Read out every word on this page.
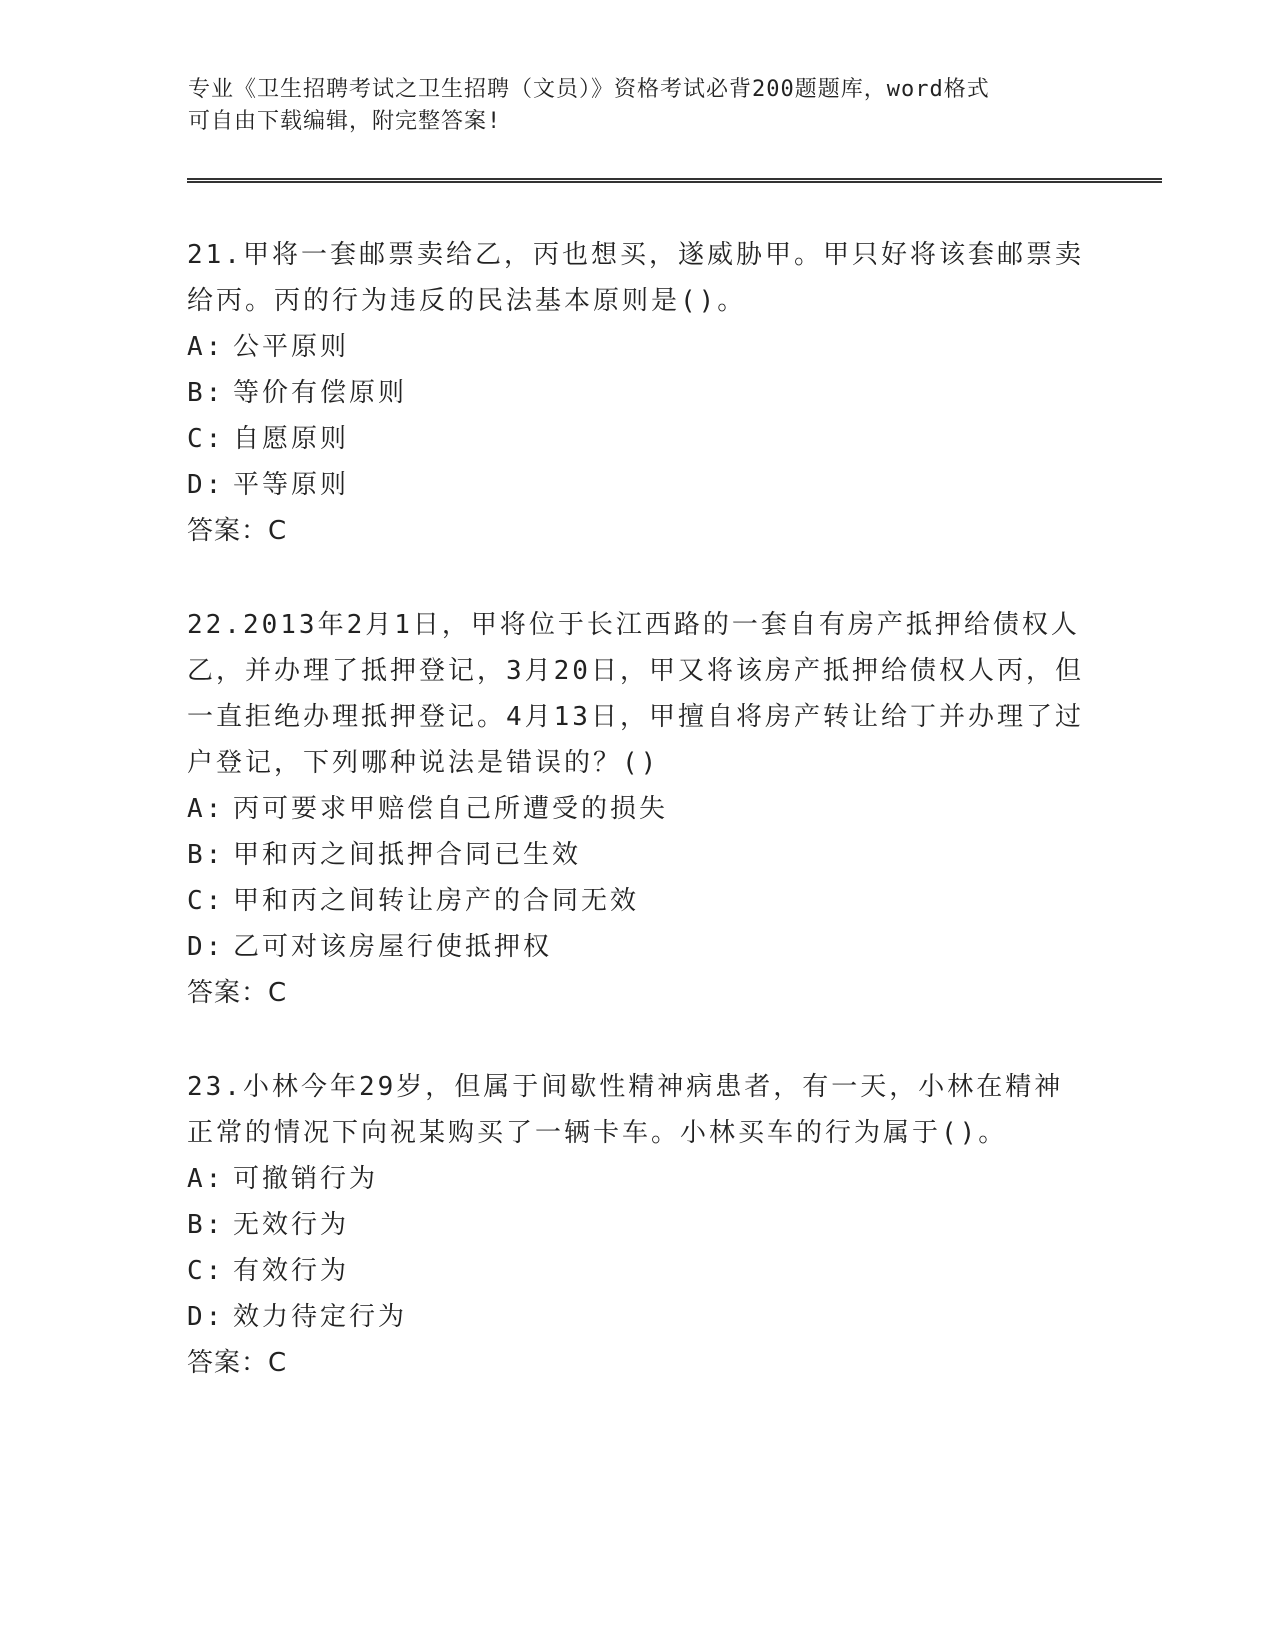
专业《卫生招聘考试之卫生招聘（文员）》资格考试必背200题题库，word格式
可自由下载编辑，附完整答案!
21.甲将一套邮票卖给乙，丙也想买，遂威胁甲。甲只好将该套邮票卖给丙。丙的行为违反的民法基本原则是()。
A: 公平原则
B: 等价有偿原则
C: 自愿原则
D: 平等原则
答案：C
22.2013年2月1日，甲将位于长江西路的一套自有房产抵押给债权人乙，并办理了抵押登记，3月20日，甲又将该房产抵押给债权人丙，但一直拒绝办理抵押登记。4月13日，甲擅自将房产转让给丁并办理了过户登记，下列哪种说法是错误的？()
A: 丙可要求甲赔偿自己所遭受的损失
B: 甲和丙之间抵押合同已生效
C: 甲和丙之间转让房产的合同无效
D: 乙可对该房屋行使抵押权
答案：C
23.小林今年29岁，但属于间歇性精神病患者，有一天，小林在精神正常的情况下向祝某购买了一辆卡车。小林买车的行为属于()。
A: 可撤销行为
B: 无效行为
C: 有效行为
D: 效力待定行为
答案：C
